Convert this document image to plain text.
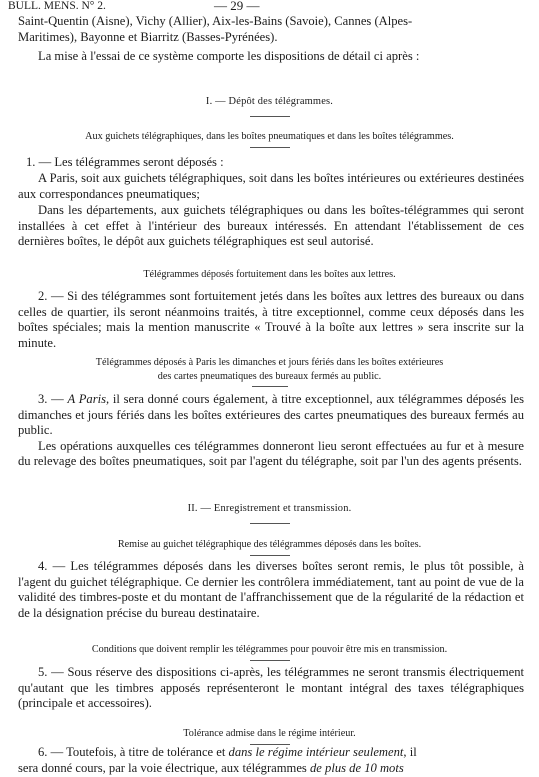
BULL. MENS. N° 2.	— 29 —
Saint-Quentin (Aisne), Vichy (Allier), Aix-les-Bains (Savoie), Cannes (Alpes-
Maritimes), Bayonne et Biarritz (Basses-Pyrénées).
La mise à l'essai de ce système comporte les dispositions de détail ci après :
I. — Dépôt des télégrammes.
Aux guichets télégraphiques, dans les boîtes pneumatiques et dans les boîtes télégrammes.
1. — Les télégrammes seront déposés :

A Paris, soit aux guichets télégraphiques, soit dans les boîtes intérieures ou extérieures destinées aux correspondances pneumatiques;

Dans les départements, aux guichets télégraphiques ou dans les boîtes-télégrammes qui seront installées à cet effet à l'intérieur des bureaux intéressés. En attendant l'établissement de ces dernières boîtes, le dépôt aux guichets télégraphiques est seul autorisé.

Télégrammes déposés fortuitement dans les boîtes aux lettres.

2. — Si des télégrammes sont fortuitement jetés dans les boîtes aux lettres des bureaux ou dans celles de quartier, ils seront néanmoins traités, à titre exceptionnel, comme ceux déposés dans les boîtes spéciales; mais la mention manuscrite « Trouvé à la boîte aux lettres » sera inscrite sur la minute.

Télégrammes déposés à Paris les dimanches et jours fériés dans les boîtes extérieures
des cartes pneumatiques des bureaux fermés au public.

3. — A Paris, il sera donné cours également, à titre exceptionnel, aux télégrammes déposés les dimanches et jours fériés dans les boîtes extérieures des cartes pneumatiques des bureaux fermés au public.

Les opérations auxquelles ces télégrammes donneront lieu seront effectuées au fur et à mesure du relevage des boîtes pneumatiques, soit par l'agent du télégraphe, soit par l'un des agents présents.

II. — Enregistrement et transmission.
Remise au guichet télégraphique des télégrammes déposés dans les boîtes.

4. — Les télégrammes déposés dans les diverses boîtes seront remis, le plus tôt possible, à l'agent du guichet télégraphique. Ce dernier les contrôlera immédiatement, tant au point de vue de la validité des timbres-poste et du montant de l'affranchissement que de la régularité de la rédaction et de la désignation précise du bureau destinataire.

Conditions que doivent remplir les télégrammes pour pouvoir être mis en transmission.

5. — Sous réserve des dispositions ci-après, les télégrammes ne seront transmis électriquement qu'autant que les timbres apposés représenteront le montant intégral des taxes télégraphiques (principale et accessoires).

Tolérance admise dans le régime intérieur.
6. — Toutefois, à titre de tolérance et dans le régime intérieur seulement, il
sera donné cours, par la voie électrique, aux télégrammes de plus de 10 mots
